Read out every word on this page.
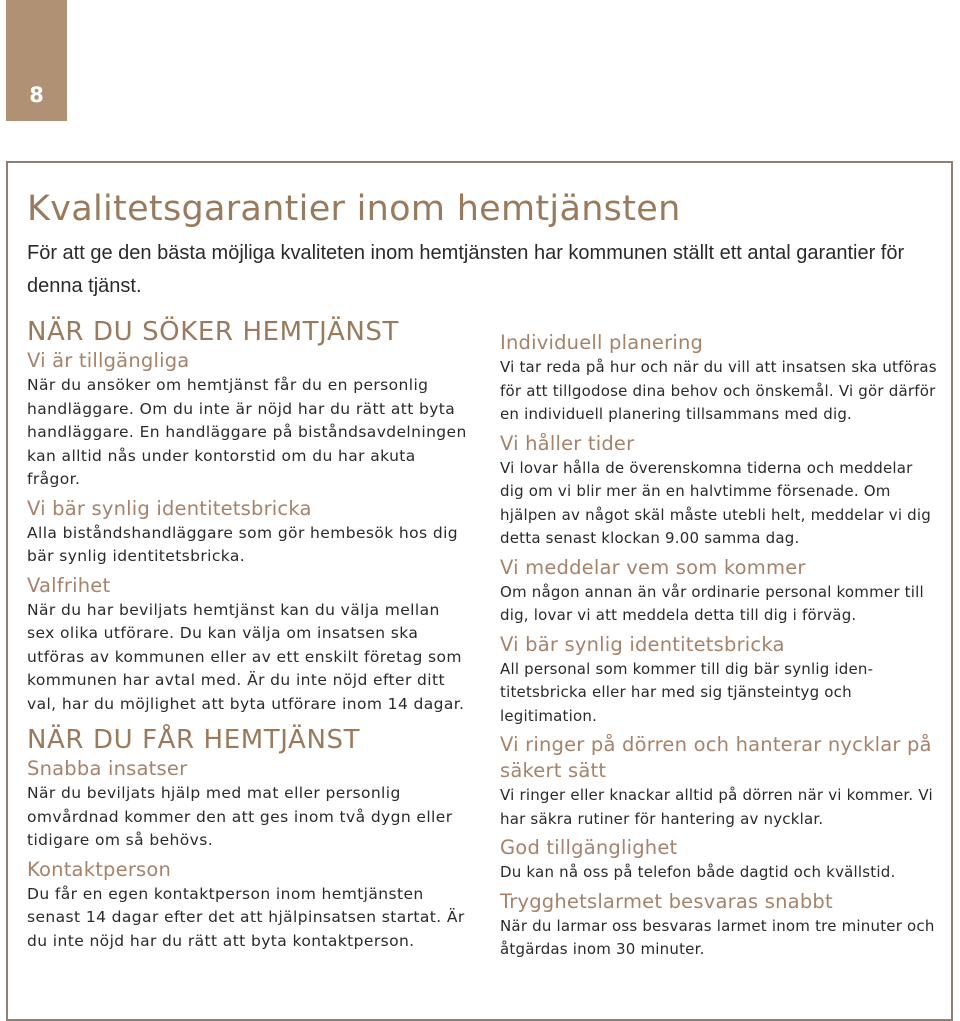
8
Kvalitetsgarantier inom hemtjänsten

För att ge den bästa möjliga kvaliteten inom hemtjänsten har kommunen ställt ett antal garantier för denna tjänst.

NÄR DU SÖKER HEMTJÄNST
Vi är tillgängliga

När du ansöker om hemtjänst får du en personlig handläggare. Om du inte är nöjd har du rätt att byta handläggare. En handläggare på biståndsavdelningen kan alltid nås under kontorstid om du har akuta frågor.

Vi bär synlig identitetsbricka

Alla biståndshandläggare som gör hembesök hos dig bär synlig identitetsbricka.

Valfrihet

När du har beviljats hemtjänst kan du välja mellan sex olika utförare. Du kan välja om insatsen ska utföras av kommunen eller av ett enskilt företag som kommunen har avtal med. Är du inte nöjd efter ditt val, har du möjlighet att byta utförare inom 14 dagar.

NÄR DU FÅR HEMTJÄNST
Snabba insatser

När du beviljats hjälp med mat eller personlig omvårdnad kommer den att ges inom två dygn eller tidigare om så behövs.

Kontaktperson

Du får en egen kontaktperson inom hemtjänsten senast 14 dagar efter det att hjälpinsatsen startat. Är du inte nöjd har du rätt att byta kontaktperson.

Individuell planering

Vi tar reda på hur och när du vill att insatsen ska utföras för att tillgodose dina behov och önskemål. Vi gör därför en individuell planering tillsammans med dig.

Vi håller tider

Vi lovar hålla de överenskomna tiderna och meddelar dig om vi blir mer än en halvtimme försenade. Om hjälpen av något skäl måste utebli helt, meddelar vi dig detta senast klockan 9.00 samma dag.

Vi meddelar vem som kommer

Om någon annan än vår ordinarie personal kommer till dig, lovar vi att meddela detta till dig i förväg.

Vi bär synlig identitetsbricka

All personal som kommer till dig bär synlig identitetsbricka eller har med sig tjänsteintyg och legitimation.

Vi ringer på dörren och hanterar nycklar på säkert sätt

Vi ringer eller knackar alltid på dörren när vi kommer. Vi har säkra rutiner för hantering av nycklar.

God tillgänglighet

Du kan nå oss på telefon både dagtid och kvällstid.

Trygghetslarmet besvaras snabbt

När du larmar oss besvaras larmet inom tre minuter och åtgärdas inom 30 minuter.
